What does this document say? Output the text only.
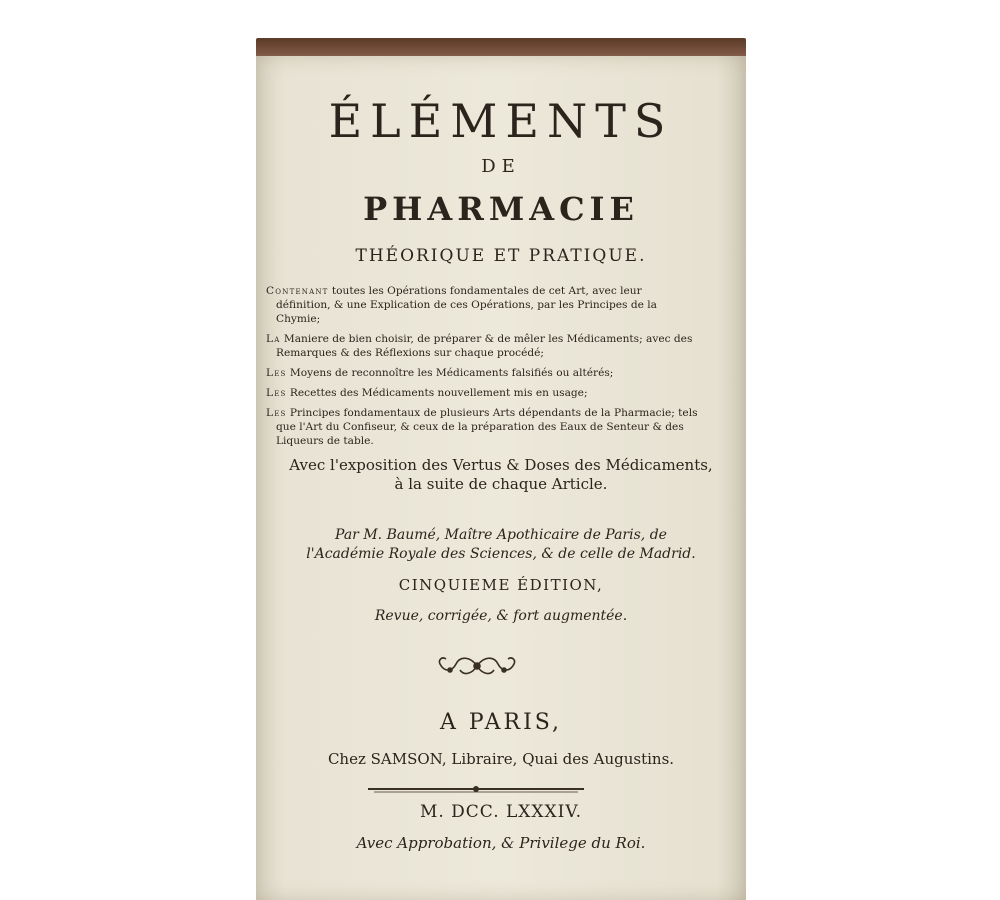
ÉLÉMENTS
DE
PHARMACIE
THÉORIQUE ET PRATIQUE.
Contenant toutes les Opérations fondamentales de cet Art, avec leur définition, & une Explication de ces Opérations, par les Principes de la Chymie;
La Maniere de bien choisir, de préparer & de mêler les Médicaments; avec des Remarques & des Réflexions sur chaque procédé;
Les Moyens de reconnoître les Médicaments falsifiés ou altérés;
Les Recettes des Médicaments nouvellement mis en usage;
Les Principes fondamentaux de plusieurs Arts dépendants de la Pharmacie; tels que l'Art du Confiseur, & ceux de la préparation des Eaux de Senteur & des Liqueurs de table.
Avec l'exposition des Vertus & Doses des Médicaments,
à la suite de chaque Article.
Par M. Baumé, Maître Apothicaire de Paris, de
l'Académie Royale des Sciences, & de celle de Madrid.
CINQUIEME ÉDITION,
Revue, corrigée, & fort augmentée.
A PARIS,
Chez SAMSON, Libraire, Quai des Augustins.
M. DCC. LXXXIV.
Avec Approbation, & Privilege du Roi.
